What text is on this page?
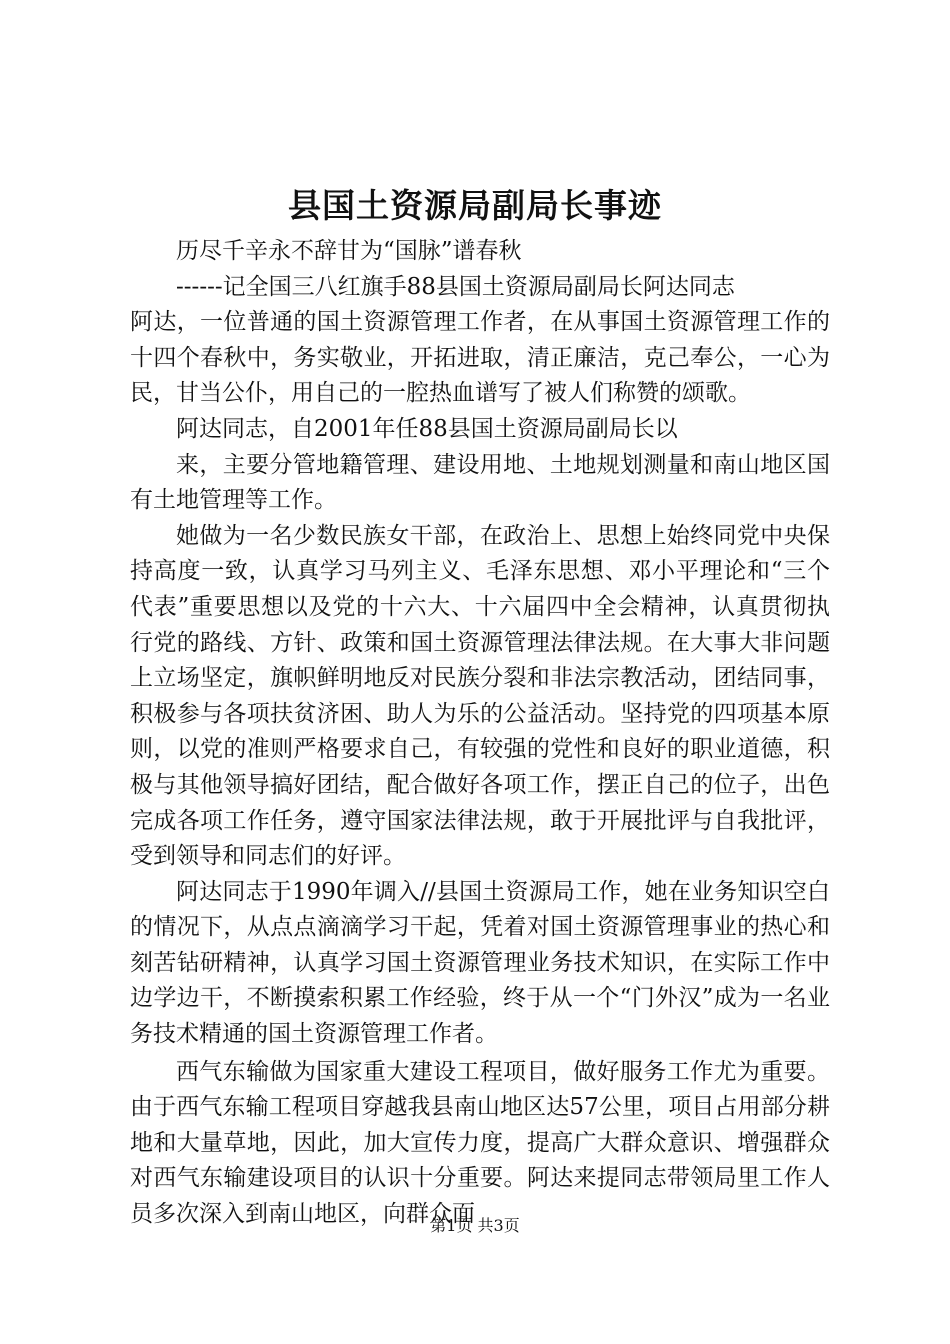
县国土资源局副局长事迹

历尽千辛永不辞甘为“国脉”谱春秋

------记全国三八红旗手88县国土资源局副局长阿达同志

阿达，一位普通的国土资源管理工作者，在从事国土资源管理工作的十四个春秋中，务实敬业，开拓进取，清正廉洁，克己奉公，一心为民，甘当公仆，用自己的一腔热血谱写了被人们称赞的颂歌。

阿达同志，自2001年任88县国土资源局副局长以

来，主要分管地籍管理、建设用地、土地规划测量和南山地区国有土地管理等工作。

她做为一名少数民族女干部，在政治上、思想上始终同党中央保持高度一致，认真学习马列主义、毛泽东思想、邓小平理论和“三个代表”重要思想以及党的十六大、十六届四中全会精神，认真贯彻执行党的路线、方针、政策和国土资源管理法律法规。在大事大非问题上立场坚定，旗帜鲜明地反对民族分裂和非法宗教活动，团结同事，积极参与各项扶贫济困、助人为乐的公益活动。坚持党的四项基本原则，以党的准则严格要求自己，有较强的党性和良好的职业道德，积极与其他领导搞好团结，配合做好各项工作，摆正自己的位子，出色完成各项工作任务，遵守国家法律法规，敢于开展批评与自我批评，受到领导和同志们的好评。

阿达同志于1990年调入//县国土资源局工作，她在业务知识空白的情况下，从点点滴滴学习干起，凭着对国土资源管理事业的热心和刻苦钻研精神，认真学习国土资源管理业务技术知识，在实际工作中边学边干，不断摸索积累工作经验，终于从一个“门外汉”成为一名业务技术精通的国土资源管理工作者。

西气东输做为国家重大建设工程项目，做好服务工作尤为重要。由于西气东输工程项目穿越我县南山地区达57公里，项目占用部分耕地和大量草地，因此，加大宣传力度，提高广大群众意识、增强群众对西气东输建设项目的认识十分重要。阿达来提同志带领局里工作人员多次深入到南山地区，向群众面

第1页 共3页
